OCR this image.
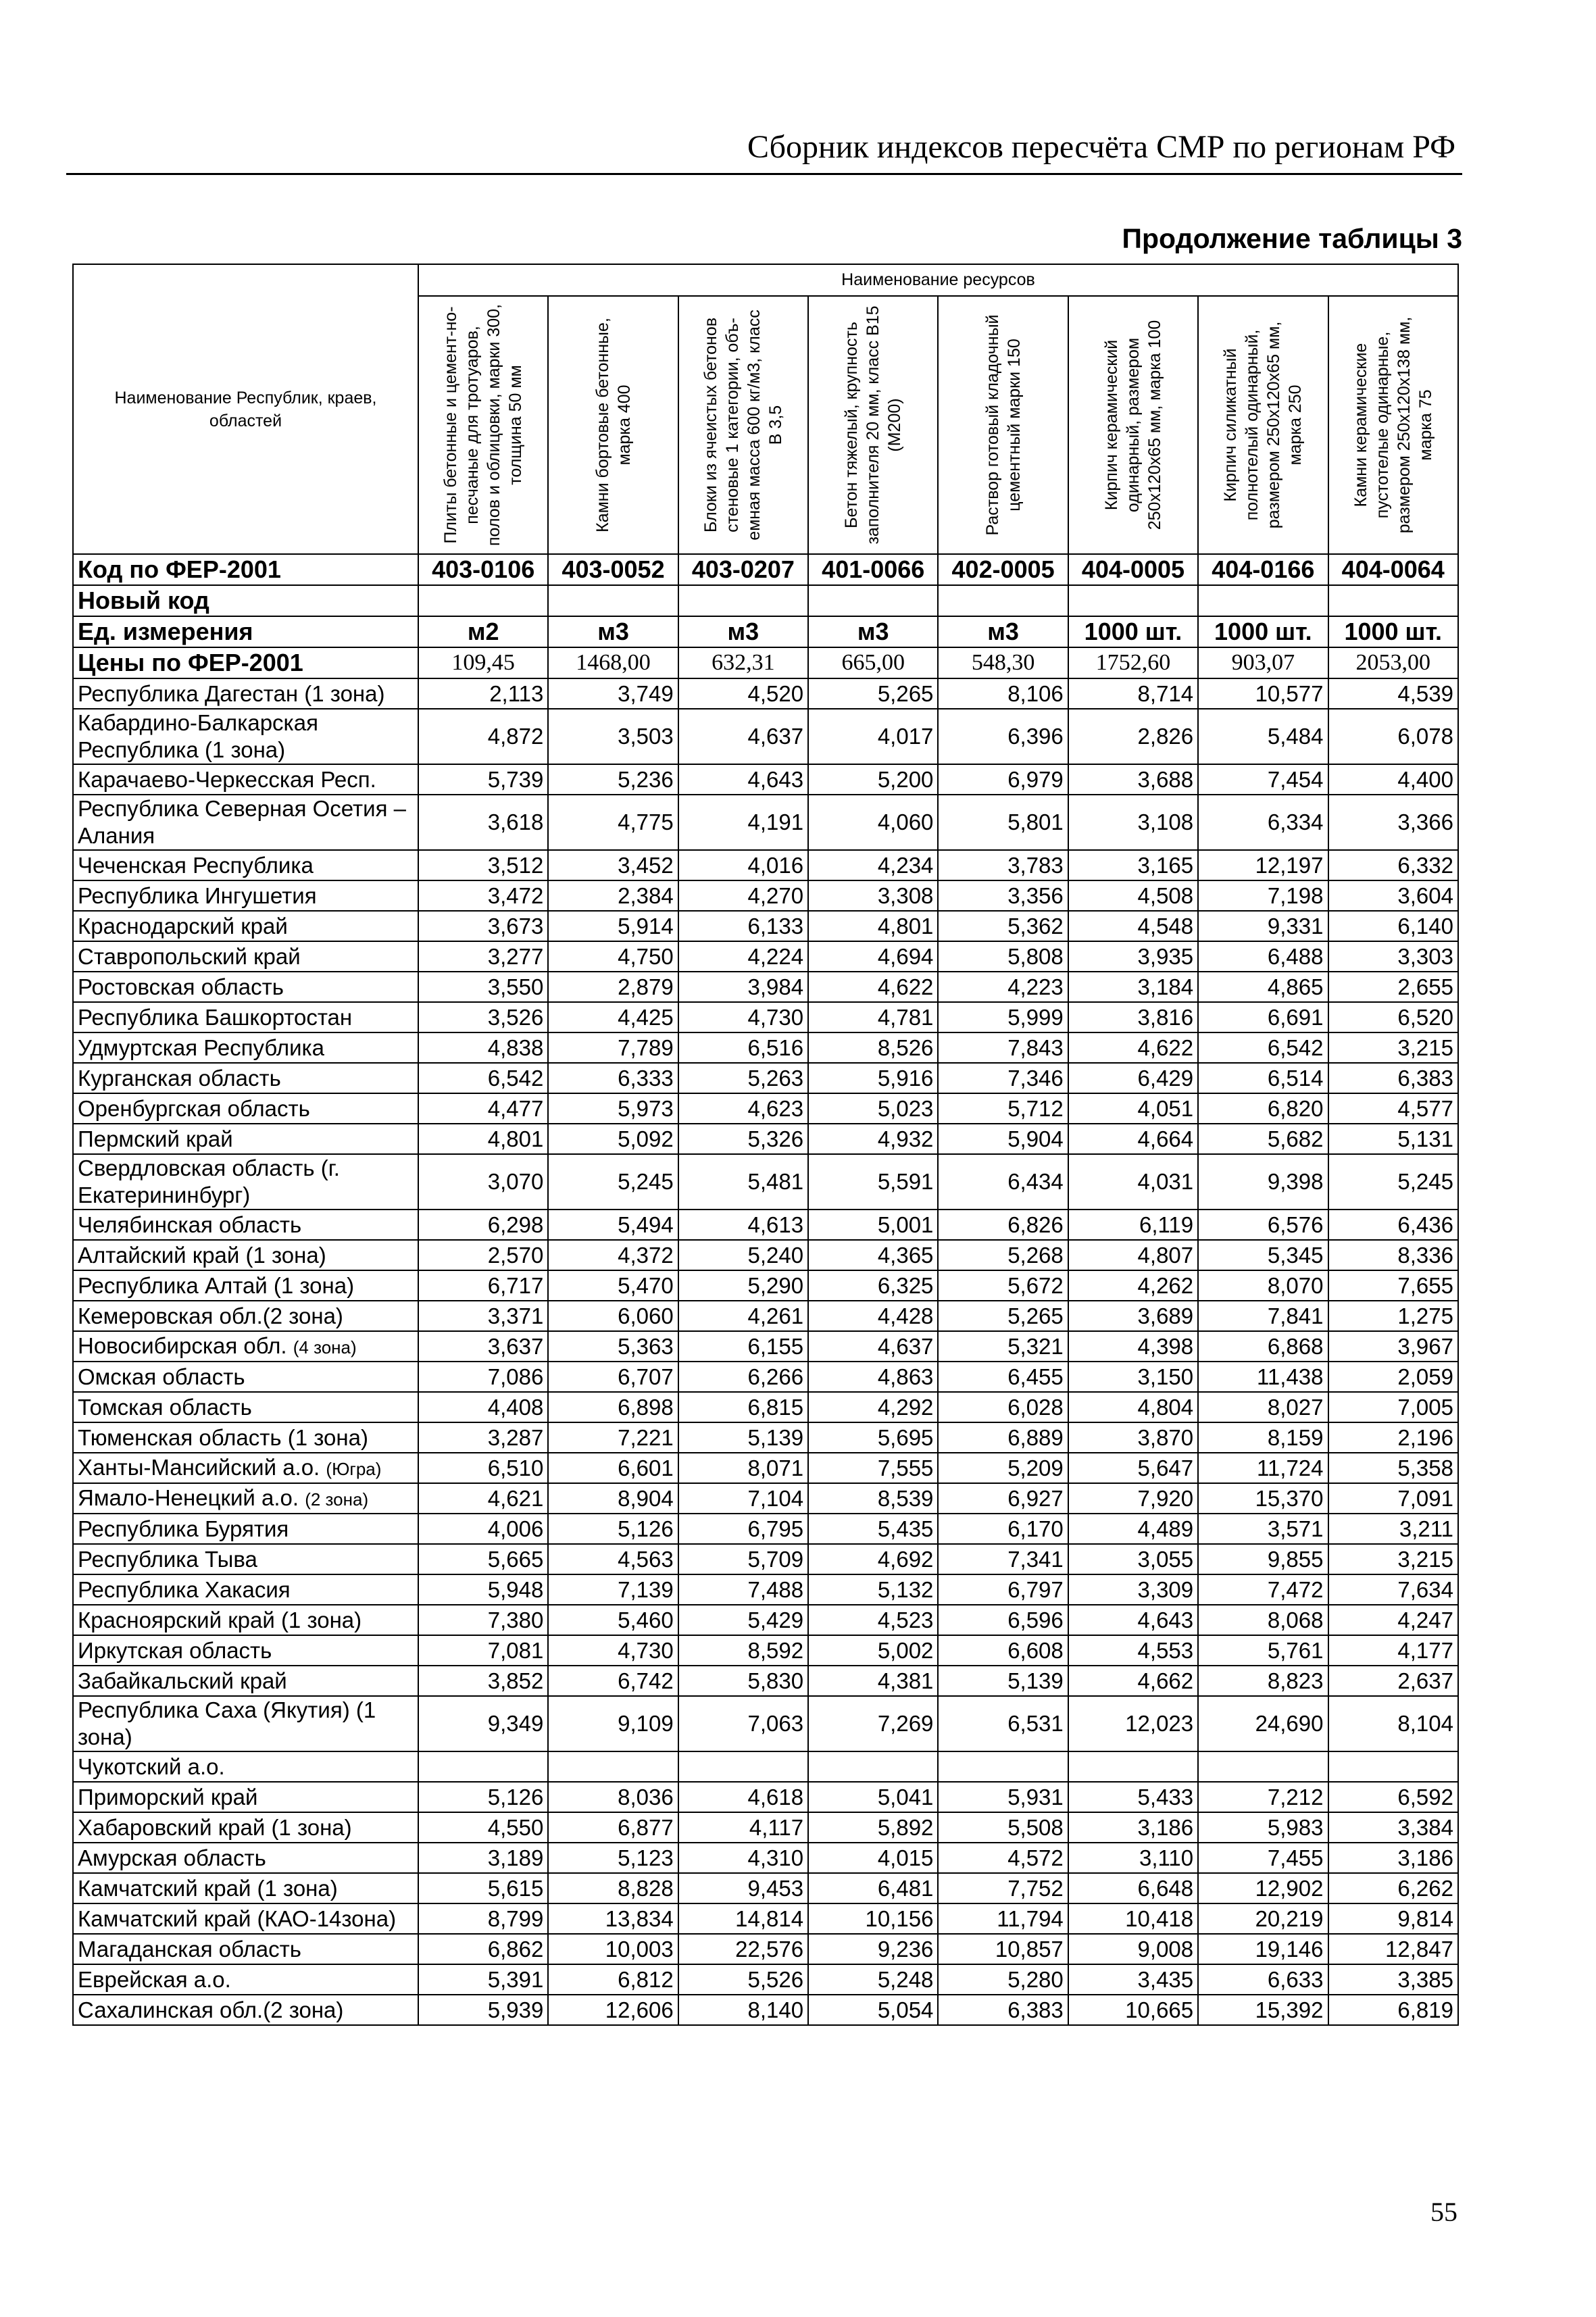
Сборник индексов пересчёта СМР по регионам РФ
Продолжение таблицы 3
Наименование Республик, краев, областей	Наименование ресурсов							

	Плиты бетонные и цемент-но-песчаные для тротуаров, полов и облицовки, марки 300, толщина 50 мм	Камни бортовые бетонные, марка 400	Блоки из ячеистых бетонов стеновые 1 категории, объ-емная масса 600 кг/м3, класс В 3,5	Бетон тяжелый, крупность заполнителя 20 мм, класс В15 (М200)	Раствор готовый кладочный цементный марки 150	Кирпич керамический одинарный, размером 250х120х65 мм, марка 100	Кирпич силикатный полнотелый одинарный, размером 250х120х65 мм, марка 250	Камни керамические пустотелые одинарные, размером 250х120х138 мм, марка 75

Код по ФЕР-2001	403-0106	403-0052	403-0207	401-0066	402-0005	404-0005	404-0166	404-0064
Новый код								
Ед. измерения	м2	м3	м3	м3	м3	1000 шт.	1000 шт.	1000 шт.
Цены по ФЕР-2001	109,45	1468,00	632,31	665,00	548,30	1752,60	903,07	2053,00
Республика Дагестан (1 зона)	2,113	3,749	4,520	5,265	8,106	8,714	10,577	4,539
Кабардино-Балкарская Республика (1 зона)	4,872	3,503	4,637	4,017	6,396	2,826	5,484	6,078
Карачаево-Черкесская Респ.	5,739	5,236	4,643	5,200	6,979	3,688	7,454	4,400
Республика Северная Осетия – Алания	3,618	4,775	4,191	4,060	5,801	3,108	6,334	3,366
Чеченская Республика	3,512	3,452	4,016	4,234	3,783	3,165	12,197	6,332
Республика Ингушетия	3,472	2,384	4,270	3,308	3,356	4,508	7,198	3,604
Краснодарский край	3,673	5,914	6,133	4,801	5,362	4,548	9,331	6,140
Ставропольский край	3,277	4,750	4,224	4,694	5,808	3,935	6,488	3,303
Ростовская область	3,550	2,879	3,984	4,622	4,223	3,184	4,865	2,655
Республика Башкортостан	3,526	4,425	4,730	4,781	5,999	3,816	6,691	6,520
Удмуртская Республика	4,838	7,789	6,516	8,526	7,843	4,622	6,542	3,215
Курганская область	6,542	6,333	5,263	5,916	7,346	6,429	6,514	6,383
Оренбургская область	4,477	5,973	4,623	5,023	5,712	4,051	6,820	4,577
Пермский край	4,801	5,092	5,326	4,932	5,904	4,664	5,682	5,131
Свердловская область (г. Екатерининбург)	3,070	5,245	5,481	5,591	6,434	4,031	9,398	5,245
Челябинская область	6,298	5,494	4,613	5,001	6,826	6,119	6,576	6,436
Алтайский край (1 зона)	2,570	4,372	5,240	4,365	5,268	4,807	5,345	8,336
Республика Алтай (1 зона)	6,717	5,470	5,290	6,325	5,672	4,262	8,070	7,655
Кемеровская обл.(2 зона)	3,371	6,060	4,261	4,428	5,265	3,689	7,841	1,275
Новосибирская обл. (4 зона)	3,637	5,363	6,155	4,637	5,321	4,398	6,868	3,967
Омская область	7,086	6,707	6,266	4,863	6,455	3,150	11,438	2,059
Томская область	4,408	6,898	6,815	4,292	6,028	4,804	8,027	7,005
Тюменская область (1 зона)	3,287	7,221	5,139	5,695	6,889	3,870	8,159	2,196
Ханты-Мансийский а.о. (Югра)	6,510	6,601	8,071	7,555	5,209	5,647	11,724	5,358
Ямало-Ненецкий а.о. (2 зона)	4,621	8,904	7,104	8,539	6,927	7,920	15,370	7,091
Республика Бурятия	4,006	5,126	6,795	5,435	6,170	4,489	3,571	3,211
Республика Тыва	5,665	4,563	5,709	4,692	7,341	3,055	9,855	3,215
Республика Хакасия	5,948	7,139	7,488	5,132	6,797	3,309	7,472	7,634
Красноярский край (1 зона)	7,380	5,460	5,429	4,523	6,596	4,643	8,068	4,247
Иркутская область	7,081	4,730	8,592	5,002	6,608	4,553	5,761	4,177
Забайкальский край	3,852	6,742	5,830	4,381	5,139	4,662	8,823	2,637
Республика Саха (Якутия) (1 зона)	9,349	9,109	7,063	7,269	6,531	12,023	24,690	8,104
Чукотский а.о.								
Приморский край	5,126	8,036	4,618	5,041	5,931	5,433	7,212	6,592
Хабаровский край (1 зона)	4,550	6,877	4,117	5,892	5,508	3,186	5,983	3,384
Амурская область	3,189	5,123	4,310	4,015	4,572	3,110	7,455	3,186
Камчатский край (1 зона)	5,615	8,828	9,453	6,481	7,752	6,648	12,902	6,262
Камчатский край (КАО-14зона)	8,799	13,834	14,814	10,156	11,794	10,418	20,219	9,814
Магаданская область	6,862	10,003	22,576	9,236	10,857	9,008	19,146	12,847
Еврейская а.о.	5,391	6,812	5,526	5,248	5,280	3,435	6,633	3,385
Сахалинская обл.(2 зона)	5,939	12,606	8,140	5,054	6,383	10,665	15,392	6,819
55
